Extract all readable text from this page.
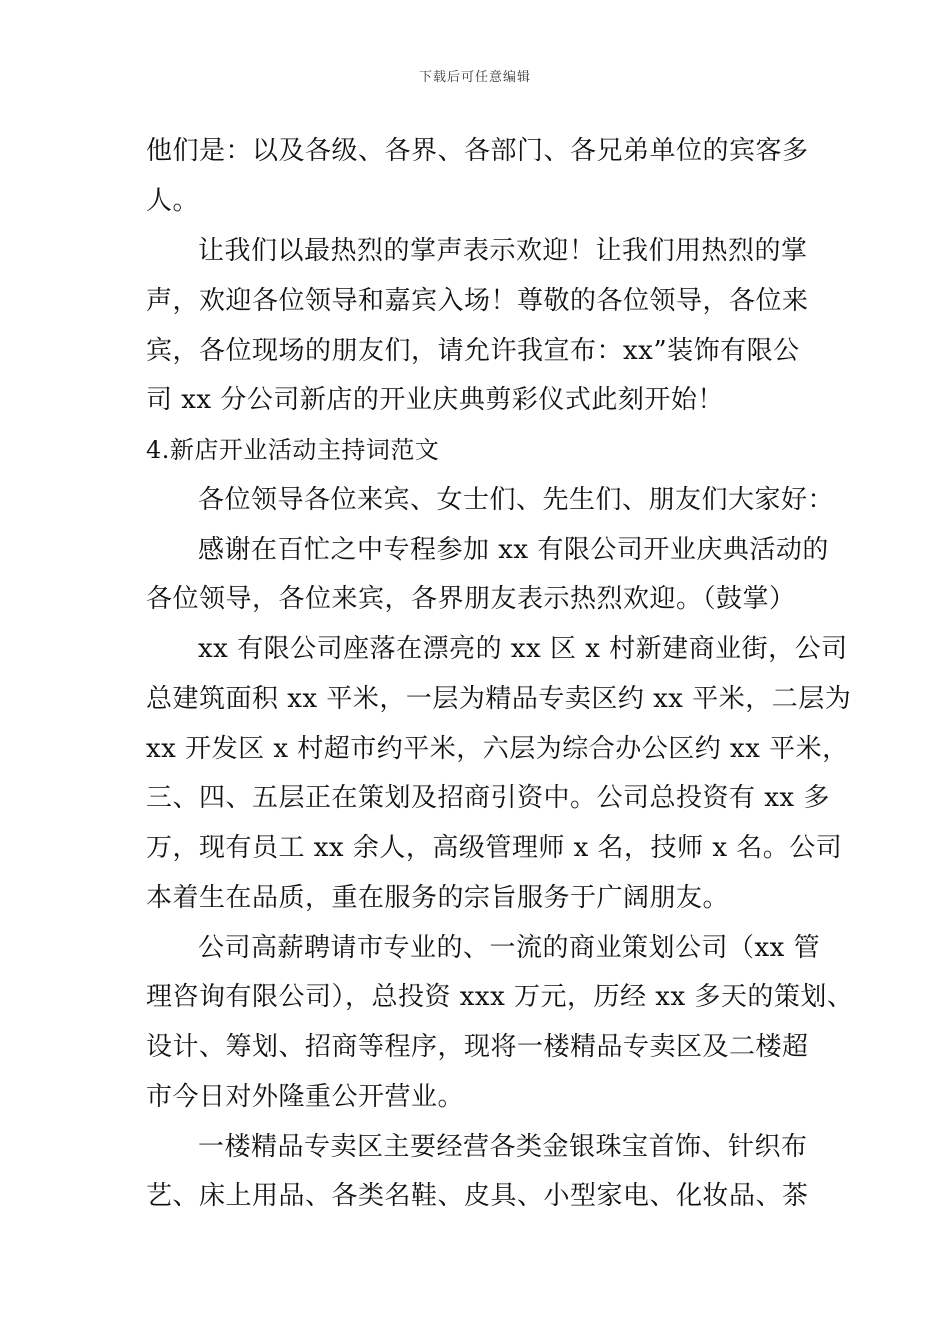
下载后可任意编辑
他们是：以及各级、各界、各部门、各兄弟单位的宾客多
人。
让我们以最热烈的掌声表示欢迎！让我们用热烈的掌
声，欢迎各位领导和嘉宾入场！尊敬的各位领导，各位来
宾，各位现场的朋友们，请允许我宣布：xx”装饰有限公
司 xx 分公司新店的开业庆典剪彩仪式此刻开始！
4.新店开业活动主持词范文
各位领导各位来宾、女士们、先生们、朋友们大家好：
感谢在百忙之中专程参加 xx 有限公司开业庆典活动的
各位领导，各位来宾，各界朋友表示热烈欢迎。（鼓掌）
xx 有限公司座落在漂亮的 xx 区 x 村新建商业街，公司
总建筑面积 xx 平米，一层为精品专卖区约 xx 平米，二层为
xx 开发区 x 村超市约平米，六层为综合办公区约 xx 平米，
三、四、五层正在策划及招商引资中。公司总投资有 xx 多
万，现有员工 xx 余人，高级管理师 x 名，技师 x 名。公司
本着生在品质，重在服务的宗旨服务于广阔朋友。
公司高薪聘请市专业的、一流的商业策划公司（xx 管
理咨询有限公司），总投资 xxx 万元，历经 xx 多天的策划、
设计、筹划、招商等程序，现将一楼精品专卖区及二楼超
市今日对外隆重公开营业。
一楼精品专卖区主要经营各类金银珠宝首饰、针织布
艺、床上用品、各类名鞋、皮具、小型家电、化妆品、茶
